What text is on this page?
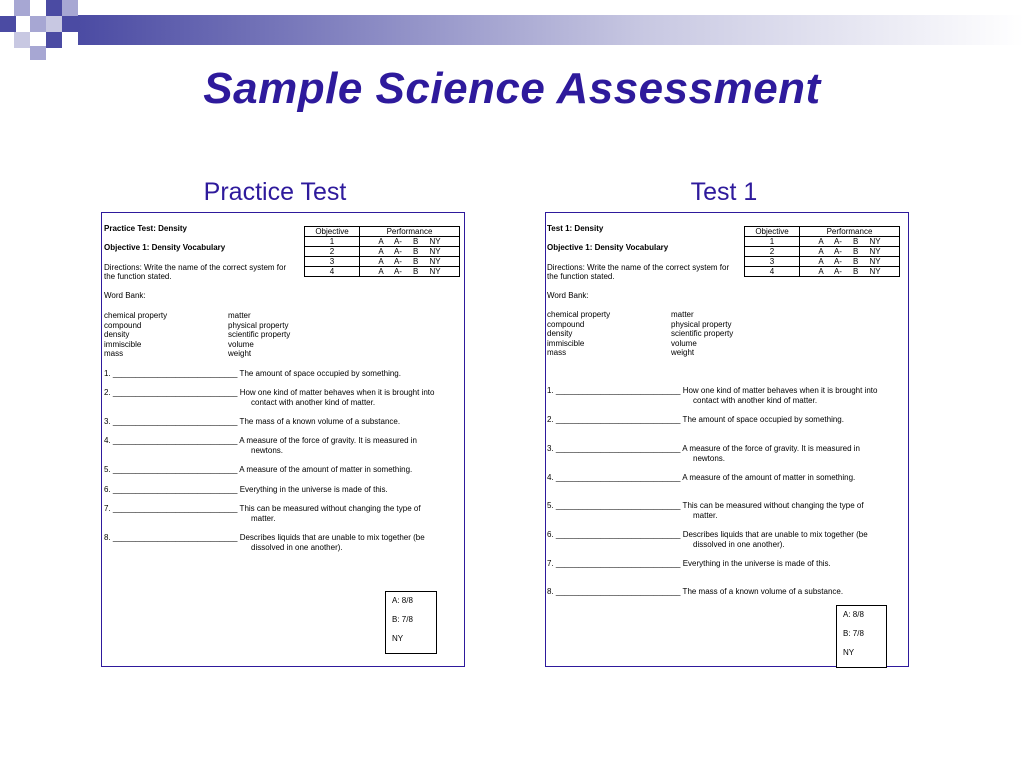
Sample Science Assessment
Practice Test	Test 1
Practice Test: Density
Objective 1: Density Vocabulary
Directions: Write the name of the correct system for
the function stated.
Word Bank:
chemical property
compound
density
immiscible
mass
matter
physical property
scientific property
volume
weight
1. ____________________________ The amount of space occupied by something.
2. ____________________________ How one kind of matter behaves when it is brought into
contact with another kind of matter.
3. ____________________________ The mass of a known volume of a substance.
4. ____________________________ A measure of the force of gravity. It is measured in
newtons.
5. ____________________________ A measure of the amount of matter in something.
6. ____________________________ Everything in the universe is made of this.
7. ____________________________ This can be measured without changing the type of
matter.
8. ____________________________ Describes liquids that are unable to mix together (be
dissolved in one another).
Objective	Performance
1	A     A-     B     NY
2	A     A-     B     NY
3	A     A-     B     NY
4	A     A-     B     NY
A: 8/8
B: 7/8
NY
Test 1: Density
Objective 1: Density Vocabulary
Directions: Write the name of the correct system for
the function stated.
Word Bank:
chemical property
compound
density
immiscible
mass
matter
physical property
scientific property
volume
weight
1. ____________________________ How one kind of matter behaves when it is brought into
contact with another kind of matter.
2. ____________________________ The amount of space occupied by something.
3. ____________________________ A measure of the force of gravity. It is measured in
newtons.
4. ____________________________ A measure of the amount of matter in something.
5. ____________________________ This can be measured without changing the type of
matter.
6. ____________________________ Describes liquids that are unable to mix together (be
dissolved in one another).
7. ____________________________ Everything in the universe is made of this.
8. ____________________________ The mass of a known volume of a substance.
Objective	Performance
1	A     A-     B     NY
2	A     A-     B     NY
3	A     A-     B     NY
4	A     A-     B     NY
A: 8/8
B: 7/8
NY
